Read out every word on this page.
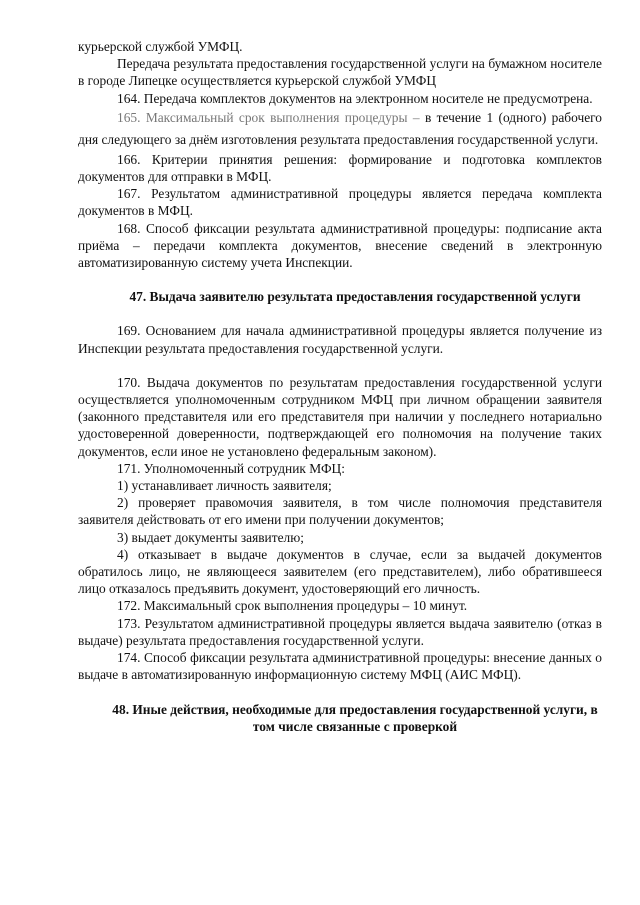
курьерской службой УМФЦ.

Передача результата предоставления государственной услуги на бумажном носителе в городе Липецке осуществляется курьерской службой УМФЦ

164. Передача комплектов документов на электронном носителе не предусмотрена.

165. Максимальный срок выполнения процедуры – в течение 1 (одного) рабочего дня следующего за днём изготовления результата предоставления государственной услуги.

166. Критерии принятия решения: формирование и подготовка комплектов документов для отправки в МФЦ.

167. Результатом административной процедуры является передача комплекта документов в МФЦ.

168. Способ фиксации результата административной процедуры: подписание акта приёма – передачи комплекта документов, внесение сведений в электронную автоматизированную систему учета Инспекции.

47. Выдача заявителю результата предоставления государственной услуги

169. Основанием для начала административной процедуры является получение из Инспекции результата предоставления государственной услуги.

170. Выдача документов по результатам предоставления государственной услуги осуществляется уполномоченным сотрудником МФЦ при личном обращении заявителя (законного представителя или его представителя при наличии у последнего нотариально удостоверенной доверенности, подтверждающей его полномочия на получение таких документов, если иное не установлено федеральным законом).

171. Уполномоченный сотрудник МФЦ:

1) устанавливает личность заявителя;

2) проверяет правомочия заявителя, в том числе полномочия представителя заявителя действовать от его имени при получении документов;

3) выдает документы заявителю;

4) отказывает в выдаче документов в случае, если за выдачей документов обратилось лицо, не являющееся заявителем (его представителем), либо обратившееся лицо отказалось предъявить документ, удостоверяющий его личность.

172. Максимальный срок выполнения процедуры – 10 минут.

173. Результатом административной процедуры является выдача заявителю (отказ в выдаче) результата предоставления государственной услуги.

174. Способ фиксации результата административной процедуры: внесение данных о выдаче в автоматизированную информационную систему МФЦ (АИС МФЦ).

48. Иные действия, необходимые для предоставления государственной услуги, в том числе связанные с проверкой
